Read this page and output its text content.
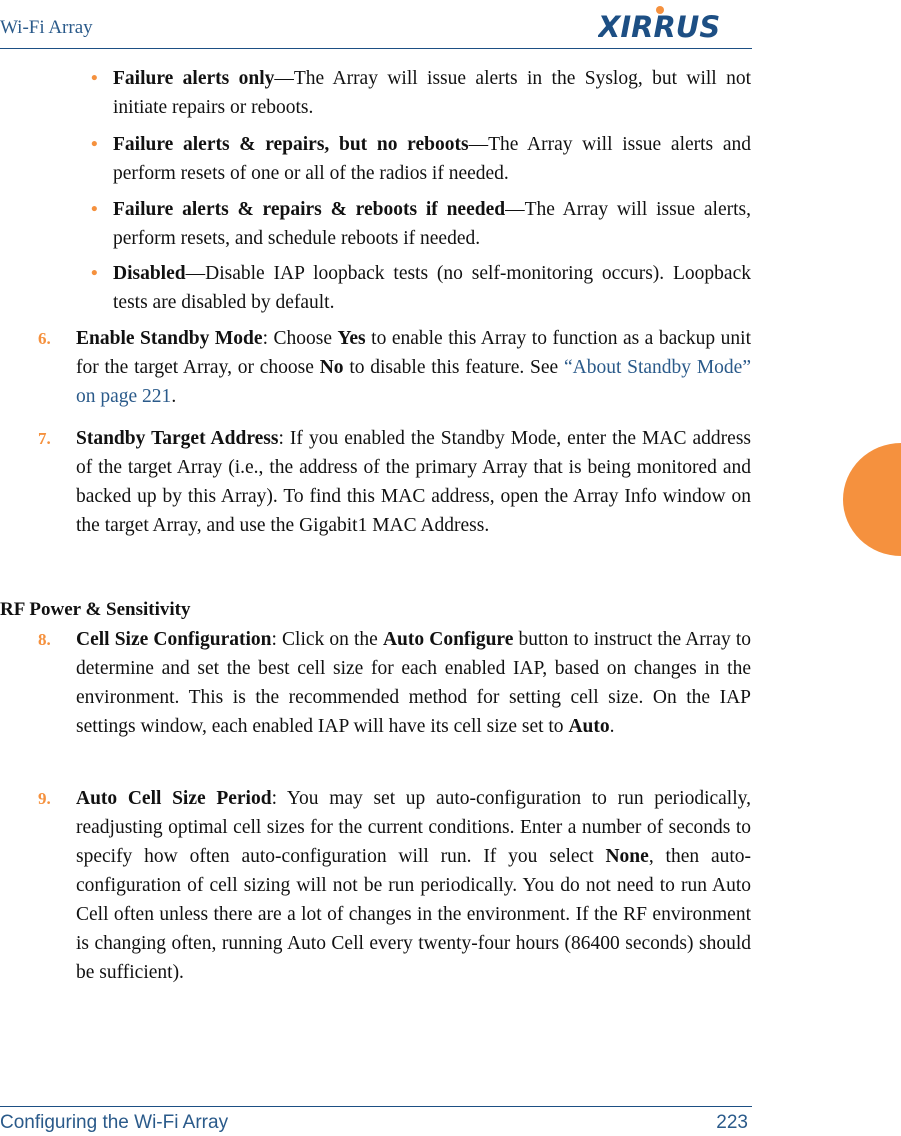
Wi-Fi Array	XIRRUS
• Failure alerts only—The Array will issue alerts in the Syslog, but will not initiate repairs or reboots.
• Failure alerts & repairs, but no reboots—The Array will issue alerts and perform resets of one or all of the radios if needed.
• Failure alerts & repairs & reboots if needed—The Array will issue alerts, perform resets, and schedule reboots if needed.
• Disabled—Disable IAP loopback tests (no self-monitoring occurs). Loopback tests are disabled by default.
6. Enable Standby Mode: Choose Yes to enable this Array to function as a backup unit for the target Array, or choose No to disable this feature. See “About Standby Mode” on page 221.
7. Standby Target Address: If you enabled the Standby Mode, enter the MAC address of the target Array (i.e., the address of the primary Array that is being monitored and backed up by this Array). To find this MAC address, open the Array Info window on the target Array, and use the Gigabit1 MAC Address.
RF Power & Sensitivity
8. Cell Size Configuration: Click on the Auto Configure button to instruct the Array to determine and set the best cell size for each enabled IAP, based on changes in the environment. This is the recommended method for setting cell size. On the IAP settings window, each enabled IAP will have its cell size set to Auto.
9. Auto Cell Size Period: You may set up auto-configuration to run periodically, readjusting optimal cell sizes for the current conditions. Enter a number of seconds to specify how often auto-configuration will run. If you select None, then auto-configuration of cell sizing will not be run periodically. You do not need to run Auto Cell often unless there are a lot of changes in the environment. If the RF environment is changing often, running Auto Cell every twenty-four hours (86400 seconds) should be sufficient).
Configuring the Wi-Fi Array	223
